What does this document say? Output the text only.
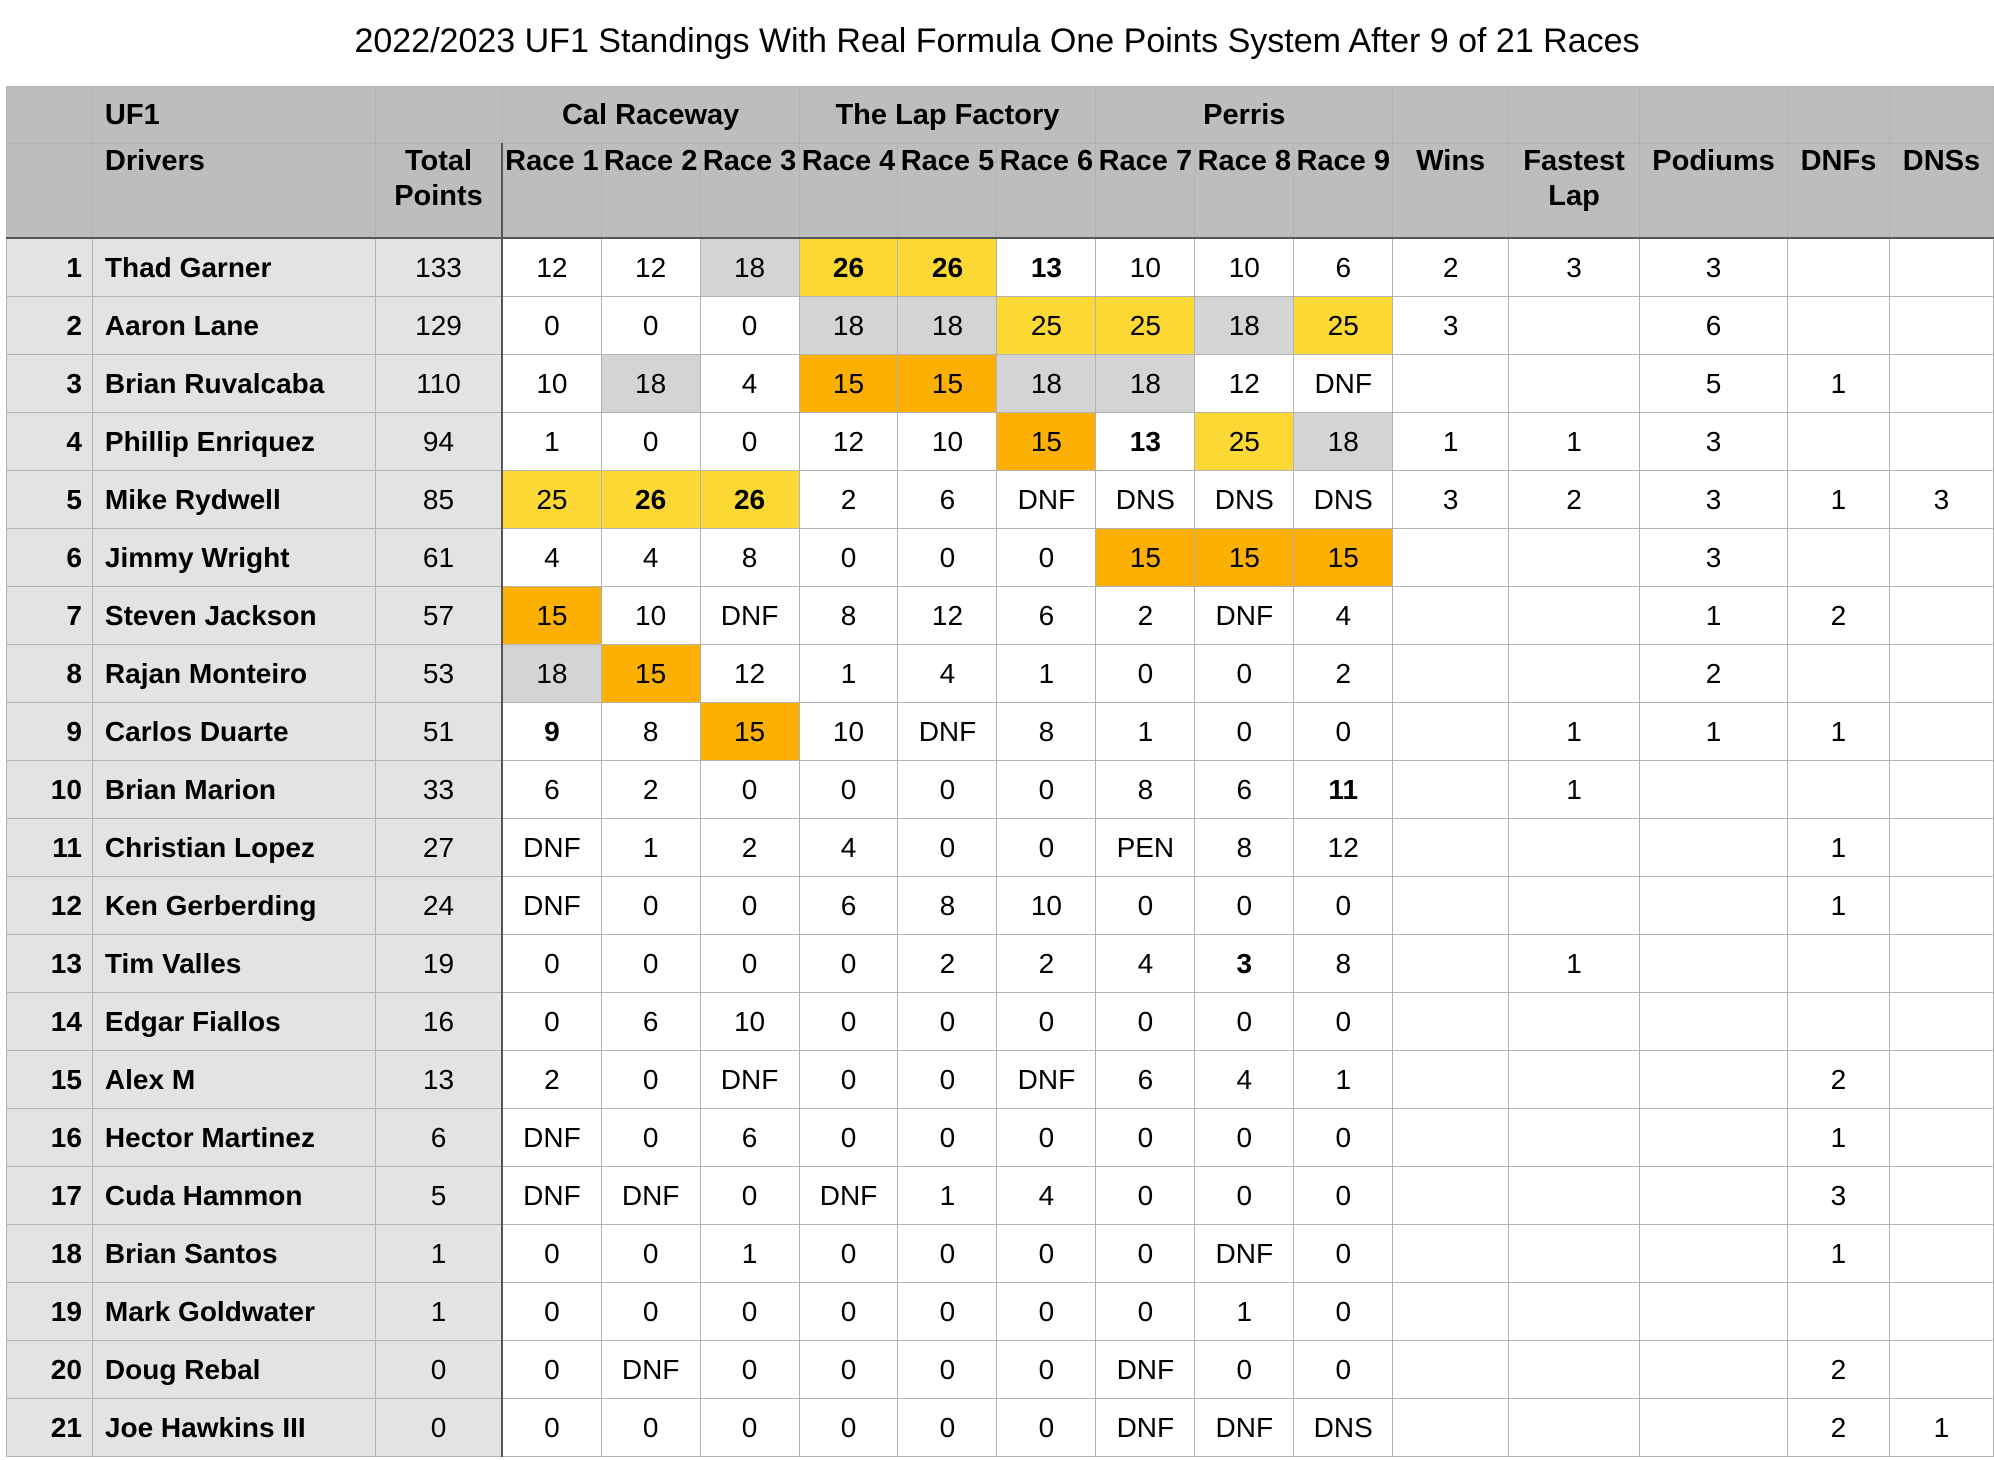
2022/2023 UF1 Standings With Real Formula One Points System After 9 of 21 Races
	UF1		Cal Raceway			The Lap Factory			Perris							
	Drivers	Total Points	Race 1	Race 2	Race 3	Race 4	Race 5	Race 6	Race 7	Race 8	Race 9	Wins	Fastest Lap	Podiums	DNFs	DNSs
1	Thad Garner	133	12	12	18	26	26	13	10	10	6	2	3	3		
2	Aaron Lane	129	0	0	0	18	18	25	25	18	25	3		6		
3	Brian Ruvalcaba	110	10	18	4	15	15	18	18	12	DNF			5	1	
4	Phillip Enriquez	94	1	0	0	12	10	15	13	25	18	1	1	3		
5	Mike Rydwell	85	25	26	26	2	6	DNF	DNS	DNS	DNS	3	2	3	1	3
6	Jimmy Wright	61	4	4	8	0	0	0	15	15	15			3		
7	Steven Jackson	57	15	10	DNF	8	12	6	2	DNF	4			1	2	
8	Rajan Monteiro	53	18	15	12	1	4	1	0	0	2			2		
9	Carlos Duarte	51	9	8	15	10	DNF	8	1	0	0		1	1	1	
10	Brian Marion	33	6	2	0	0	0	0	8	6	11		1			
11	Christian Lopez	27	DNF	1	2	4	0	0	PEN	8	12				1	
12	Ken Gerberding	24	DNF	0	0	6	8	10	0	0	0				1	
13	Tim Valles	19	0	0	0	0	2	2	4	3	8		1			
14	Edgar Fiallos	16	0	6	10	0	0	0	0	0	0					
15	Alex M	13	2	0	DNF	0	0	DNF	6	4	1				2	
16	Hector Martinez	6	DNF	0	6	0	0	0	0	0	0				1	
17	Cuda Hammon	5	DNF	DNF	0	DNF	1	4	0	0	0				3	
18	Brian Santos	1	0	0	1	0	0	0	0	DNF	0				1	
19	Mark Goldwater	1	0	0	0	0	0	0	0	1	0					
20	Doug Rebal	0	0	DNF	0	0	0	0	DNF	0	0				2	
21	Joe Hawkins III	0	0	0	0	0	0	0	DNF	DNF	DNS				2	1
